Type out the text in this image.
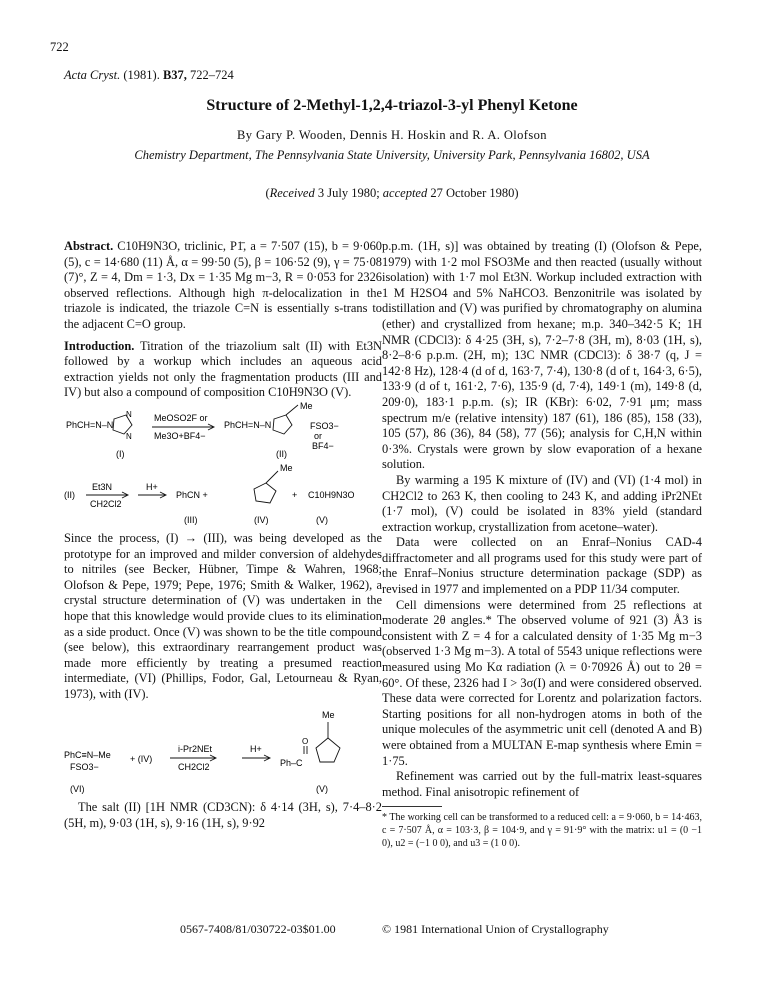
722
Acta Cryst. (1981). B37, 722–724
Structure of 2-Methyl-1,2,4-triazol-3-yl Phenyl Ketone
By Gary P. Wooden, Dennis H. Hoskin and R. A. Olofson
Chemistry Department, The Pennsylvania State University, University Park, Pennsylvania 16802, USA
(Received 3 July 1980; accepted 27 October 1980)

Abstract. C10H9N3O, triclinic, P1̄, a = 7·507 (15), b = 9·060 (5), c = 14·680 (11) Å, α = 99·50 (5), β = 106·52 (9), γ = 75·08 (7)°, Z = 4, Dm = 1·3, Dx = 1·35 Mg m−3, R = 0·053 for 2326 observed reflections. Although high π-delocalization in the triazole is indicated, the triazole C=N is essentially s-trans to the adjacent C=O group.

Introduction. Titration of the triazolium salt (II) with Et3N followed by a workup which includes an aqueous acid extraction yields not only the fragmentation products (III and IV) but also a compound of composition C10H9N3O (V).

PhCH=N–N
N
N
MeOSO2F or
Me3O+BF4−
PhCH=N–N
Me
FSO3−
or
BF4−
(I)	(II)
(II)
Et3N
CH2Cl2
H+
PhCN +
Me
+ C10H9N3O
(III)	(IV)	(V)

Since the process, (I) → (III), was being developed as the prototype for an improved and milder conversion of aldehydes to nitriles (see Becker, Hübner, Timpe & Wahren, 1968; Olofson & Pepe, 1979; Pepe, 1976; Smith & Walker, 1962), a crystal structure determination of (V) was undertaken in the hope that this knowledge would provide clues to its elimination as a side product. Once (V) was shown to be the title compound (see below), this extraordinary rearrangement product was made more efficiently by treating a presumed reaction intermediate, (VI) (Phillips, Fodor, Gal, Letourneau & Ryan, 1973), with (IV).

PhC≡N–Me
FSO3−
+ (IV)
i-Pr2NEt
CH2Cl2
H+
Me
O
Ph–C
(VI)	(V)

The salt (II) [1H NMR (CD3CN): δ 4·14 (3H, s), 7·4–8·2 (5H, m), 9·03 (1H, s), 9·16 (1H, s), 9·92

p.p.m. (1H, s)] was obtained by treating (I) (Olofson & Pepe, 1979) with 1·2 mol FSO3Me and then reacted (usually without isolation) with 1·7 mol Et3N. Workup included extraction with 1 M H2SO4 and 5% NaHCO3. Benzonitrile was isolated by distillation and (V) was purified by chromatography on alumina (ether) and crystallized from hexane; m.p. 340–342·5 K; 1H NMR (CDCl3): δ 4·25 (3H, s), 7·2–7·8 (3H, m), 8·03 (1H, s), 8·2–8·6 p.p.m. (2H, m); 13C NMR (CDCl3): δ 38·7 (q, J = 142·8 Hz), 128·4 (d of d, 163·7, 7·4), 130·8 (d of t, 164·3, 6·5), 133·9 (d of t, 161·2, 7·6), 135·9 (d, 7·4), 149·1 (m), 149·8 (d, 209·0), 183·1 p.p.m. (s); IR (KBr): 6·02, 7·91 μm; mass spectrum m/e (relative intensity) 187 (61), 186 (85), 158 (33), 105 (57), 86 (36), 84 (58), 77 (56); analysis for C,H,N within 0·3%. Crystals were grown by slow evaporation of a hexane solution.

By warming a 195 K mixture of (IV) and (VI) (1·4 mol) in CH2Cl2 to 263 K, then cooling to 243 K, and adding iPr2NEt (1·7 mol), (V) could be isolated in 83% yield (standard extraction workup, crystallization from acetone–water).

Data were collected on an Enraf–Nonius CAD-4 diffractometer and all programs used for this study were part of the Enraf–Nonius structure determination package (SDP) as revised in 1977 and implemented on a PDP 11/34 computer.

Cell dimensions were determined from 25 reflections at moderate 2θ angles.* The observed volume of 921 (3) Å3 is consistent with Z = 4 for a calculated density of 1·35 Mg m−3 (observed 1·3 Mg m−3). A total of 5543 unique reflections were measured using Mo Kα radiation (λ = 0·70926 Å) out to 2θ = 60°. Of these, 2326 had I > 3σ(I) and were considered observed. These data were corrected for Lorentz and polarization factors. Starting positions for all non-hydrogen atoms in both of the unique molecules of the asymmetric unit cell (denoted A and B) were obtained from a MULTAN E-map synthesis where Emin = 1·75.

Refinement was carried out by the full-matrix least-squares method. Final anisotropic refinement of

* The working cell can be transformed to a reduced cell: a = 9·060, b = 14·463, c = 7·507 Å, α = 103·3, β = 104·9, and γ = 91·9° with the matrix: u1 = (0 −1 0), u2 = (−1 0 0), and u3 = (1 0 0).

0567-7408/81/030722-03$01.00	© 1981 International Union of Crystallography
